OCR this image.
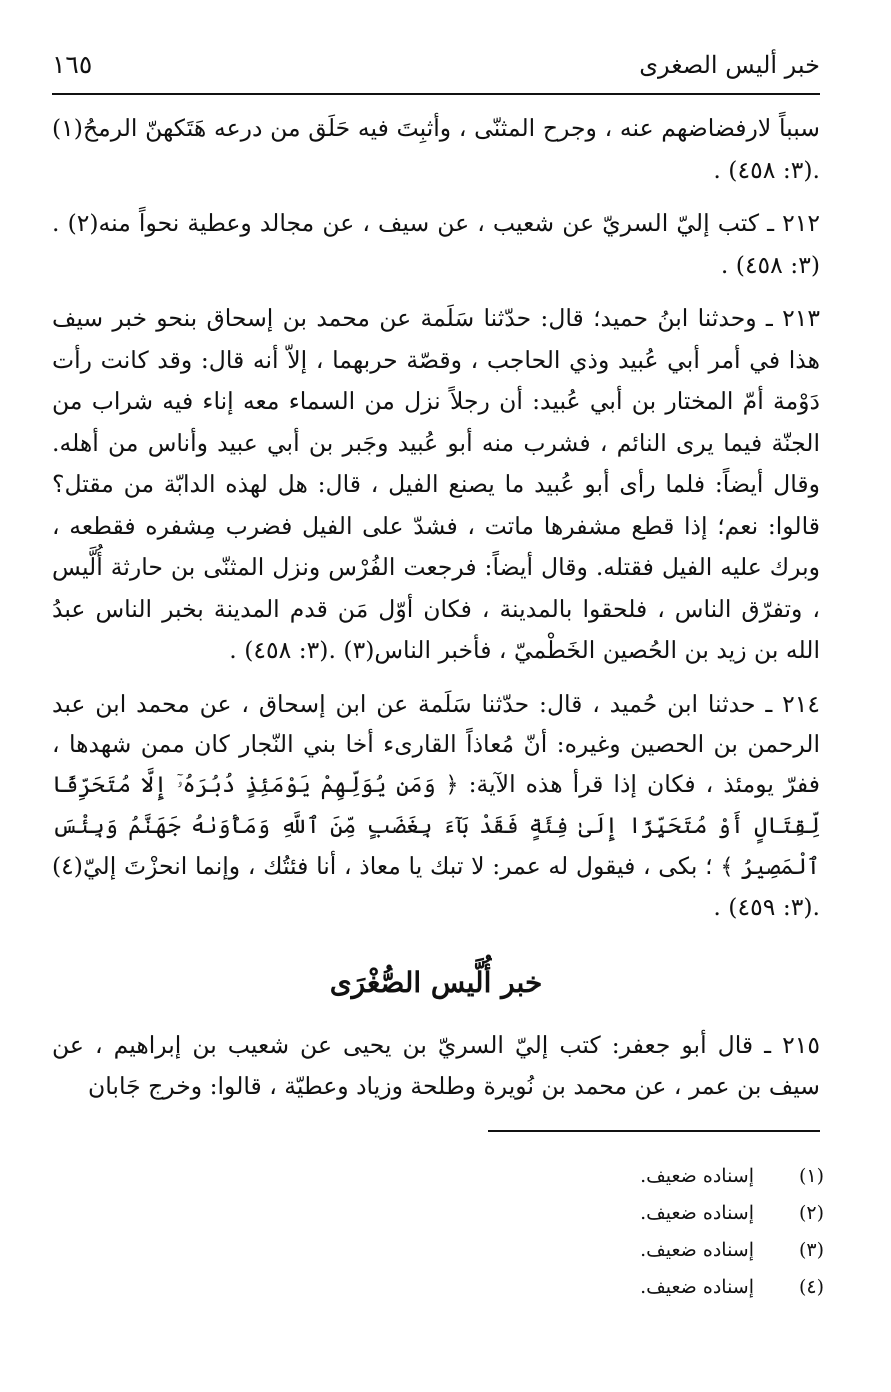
١٦٥	خبر أليس الصغرى

سبباً لارفضاضهم عنه ، وجرح المثنّى ، وأثبِتَ فيه حَلَق من درعه هَتَكهنّ الرمحُ(١) .(٣: ٤٥٨) .

٢١٢ ـ كتب إليّ السريّ عن شعيب ، عن سيف ، عن مجالد وعطية نحواً منه(٢) .(٣: ٤٥٨) .

٢١٣ ـ وحدثنا ابنُ حميد؛ قال: حدّثنا سَلَمة عن محمد بن إسحاق بنحو خبر سيف هذا في أمر أبي عُبيد وذي الحاجب ، وقصّة حربهما ، إلاّ أنه قال: وقد كانت رأت دَوْمة أمّ المختار بن أبي عُبيد: أن رجلاً نزل من السماء معه إناء فيه شراب من الجنّة فيما يرى النائم ، فشرب منه أبو عُبيد وجَبر بن أبي عبيد وأناس من أهله. وقال أيضاً: فلما رأى أبو عُبيد ما يصنع الفيل ، قال: هل لهذه الدابّة من مقتل؟ قالوا: نعم؛ إذا قطع مشفرها ماتت ، فشدّ على الفيل فضرب مِشفره فقطعه ، وبرك عليه الفيل فقتله. وقال أيضاً: فرجعت الفُرْس ونزل المثنّى بن حارثة أُلَّيس ، وتفرّق الناس ، فلحقوا بالمدينة ، فكان أوّل مَن قدم المدينة بخبر الناس عبدُ الله بن زيد بن الحُصين الخَطْميّ ، فأخبر الناس(٣) .(٣: ٤٥٨) .

٢١٤ ـ حدثنا ابن حُميد ، قال: حدّثنا سَلَمة عن ابن إسحاق ، عن محمد ابن عبد الرحمن بن الحصين وغيره: أنّ مُعاذاً القارىء أخا بني النّجار كان ممن شهدها ، ففرّ يومئذ ، فكان إذا قرأ هذه الآية: ﴿ وَمَن يُوَلِّهِمْ يَوْمَئِذٍ دُبُرَهُۥٓ إِلَّا مُتَحَرِّفًا لِّقِتَالٍ أَوْ مُتَحَيِّزًا إِلَىٰ فِئَةٍ فَقَدْ بَآءَ بِغَضَبٍ مِّنَ ٱللَّهِ وَمَأْوَىٰهُ جَهَنَّمُ وَبِئْسَ ٱلْمَصِيرُ ﴾ ؛ بكى ، فيقول له عمر: لا تبك يا معاذ ، أنا فئتُك ، وإنما انحزْتَ إليّ(٤) .(٣: ٤٥٩) .

خبر أُلَّيس الصُّغْرَى

٢١٥ ـ قال أبو جعفر: كتب إليّ السريّ بن يحيى عن شعيب بن إبراهيم ، عن سيف بن عمر ، عن محمد بن نُويرة وطلحة وزياد وعطيّة ، قالوا: وخرج جَابان

(١)
إسناده ضعيف.
(٢)
إسناده ضعيف.
(٣)
إسناده ضعيف.
(٤)
إسناده ضعيف.
